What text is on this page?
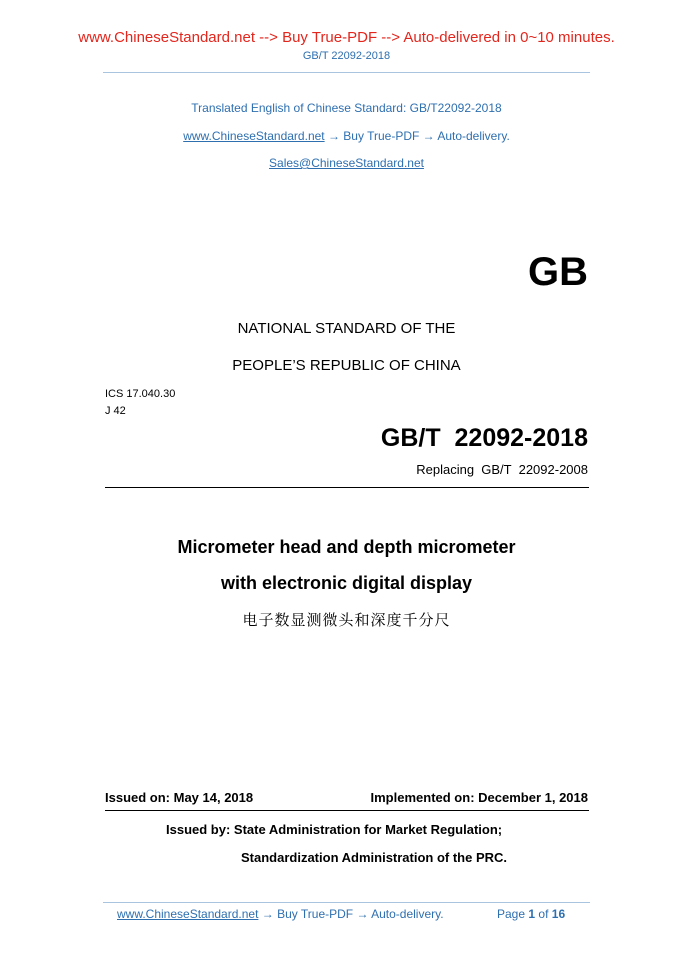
www.ChineseStandard.net --> Buy True-PDF --> Auto-delivered in 0~10 minutes.
GB/T 22092-2018
Translated English of Chinese Standard: GB/T22092-2018
www.ChineseStandard.net → Buy True-PDF → Auto-delivery.
Sales@ChineseStandard.net
GB
NATIONAL STANDARD OF THE
PEOPLE’S REPUBLIC OF CHINA
ICS 17.040.30
J 42
GB/T  22092-2018
Replacing  GB/T  22092-2008
Micrometer head and depth micrometer
with electronic digital display
电子数显测微头和深度千分尺
Issued on: May 14, 2018	Implemented on: December 1, 2018
Issued by: State Administration for Market Regulation;
Standardization Administration of the PRC.
www.ChineseStandard.net → Buy True-PDF → Auto-delivery.	Page 1 of 16
